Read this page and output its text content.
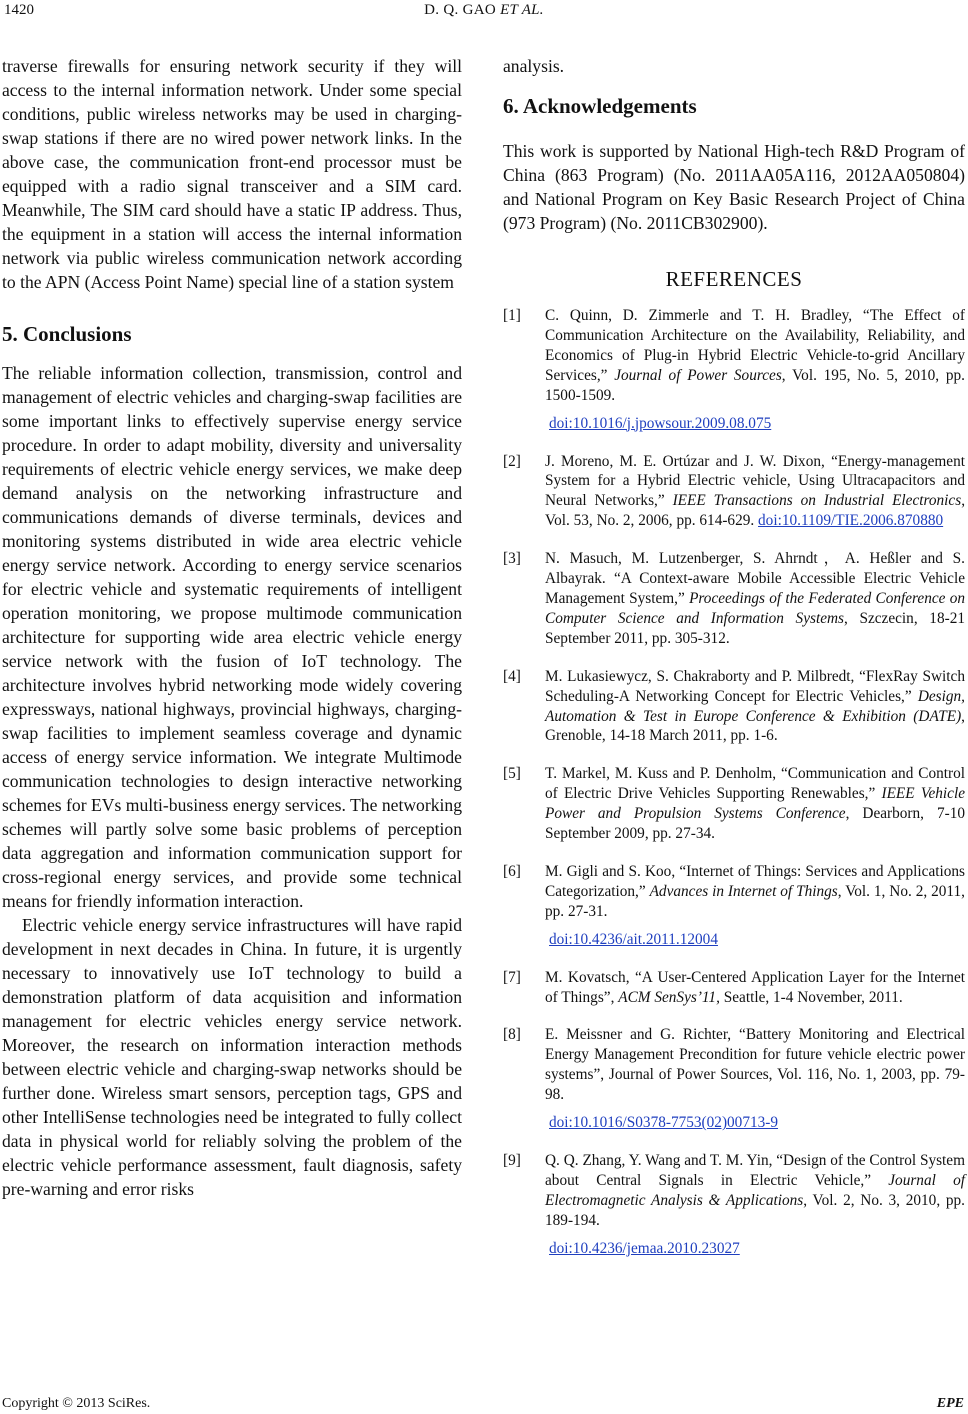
1420	D. Q. GAO ET AL.

traverse firewalls for ensuring network security if they will access to the internal information network. Under some special conditions, public wireless networks may be used in charging-swap stations if there are no wired power network links. In the above case, the communication front-end processor must be equipped with a radio signal transceiver and a SIM card. Meanwhile, The SIM card should have a static IP address. Thus, the equipment in a station will access the internal information network via public wireless communication network according to the APN (Access Point Name) special line of a station system

5. Conclusions

The reliable information collection, transmission, control and management of electric vehicles and charging-swap facilities are some important links to effectively supervise energy service procedure. In order to adapt mobility, diversity and universality requirements of electric vehicle energy services, we make deep demand analysis on the networking infrastructure and communications demands of diverse terminals, devices and monitoring systems distributed in wide area electric vehicle energy service network. According to energy service scenarios for electric vehicle and systematic requirements of intelligent operation monitoring, we propose multimode communication architecture for supporting wide area electric vehicle energy service network with the fusion of IoT technology. The architecture involves hybrid networking mode widely covering expressways, national highways, provincial highways, charging-swap facilities to implement seamless coverage and dynamic access of energy service information. We integrate Multimode communication technologies to design interactive networking schemes for EVs multi-business energy services. The networking schemes will partly solve some basic problems of perception data aggregation and information communication support for cross-regional energy services, and provide some technical means for friendly information interaction.

Electric vehicle energy service infrastructures will have rapid development in next decades in China. In future, it is urgently necessary to innovatively use IoT technology to build a demonstration platform of data acquisition and information management for electric vehicles energy service network. Moreover, the research on information interaction methods between electric vehicle and charging-swap networks should be further done. Wireless smart sensors, perception tags, GPS and other IntelliSense technologies need be integrated to fully collect data in physical world for reliably solving the problem of the electric vehicle performance assessment, fault diagnosis, safety pre-warning and error risks

analysis.

6. Acknowledgements

This work is supported by National High-tech R&D Program of China (863 Program) (No. 2011AA05A116, 2012AA050804) and National Program on Key Basic Research Project of China (973 Program) (No. 2011CB302900).

REFERENCES
[1] C. Quinn, D. Zimmerle and T. H. Bradley, “The Effect of Communication Architecture on the Availability, Reliability, and Economics of Plug-in Hybrid Electric Vehicle-to-grid Ancillary Services,” Journal of Power Sources, Vol. 195, No. 5, 2010, pp. 1500-1509.
doi:10.1016/j.jpowsour.2009.08.075
[2] J. Moreno, M. E. Ortúzar and J. W. Dixon, “Energy-management System for a Hybrid Electric vehicle, Using Ultracapacitors and Neural Networks,” IEEE Transactions on Industrial Electronics, Vol. 53, No. 2, 2006, pp. 614-629. doi:10.1109/TIE.2006.870880
[3] N. Masuch, M. Lutzenberger, S. Ahrndt，A. Heßler and S. Albayrak. “A Context-aware Mobile Accessible Electric Vehicle Management System,” Proceedings of the Federated Conference on Computer Science and Information Systems, Szczecin, 18-21 September 2011, pp. 305-312.
[4] M. Lukasiewycz, S. Chakraborty and P. Milbredt, “FlexRay Switch Scheduling-A Networking Concept for Electric Vehicles,” Design, Automation & Test in Europe Conference & Exhibition (DATE), Grenoble, 14-18 March 2011, pp. 1-6.
[5] T. Markel, M. Kuss and P. Denholm, “Communication and Control of Electric Drive Vehicles Supporting Renewables,” IEEE Vehicle Power and Propulsion Systems Conference, Dearborn, 7-10 September 2009, pp. 27-34.
[6] M. Gigli and S. Koo, “Internet of Things: Services and Applications Categorization,” Advances in Internet of Things, Vol. 1, No. 2, 2011, pp. 27-31.
doi:10.4236/ait.2011.12004
[7] M. Kovatsch, “A User-Centered Application Layer for the Internet of Things”, ACM SenSys’11, Seattle, 1-4 November, 2011.
[8] E. Meissner and G. Richter, “Battery Monitoring and Electrical Energy Management Precondition for future vehicle electric power systems”, Journal of Power Sources, Vol. 116, No. 1, 2003, pp. 79-98.
doi:10.1016/S0378-7753(02)00713-9
[9] Q. Q. Zhang, Y. Wang and T. M. Yin, “Design of the Control System about Central Signals in Electric Vehicle,” Journal of Electromagnetic Analysis & Applications, Vol. 2, No. 3, 2010, pp. 189-194.
doi:10.4236/jemaa.2010.23027
Copyright © 2013 SciRes.	EPE
